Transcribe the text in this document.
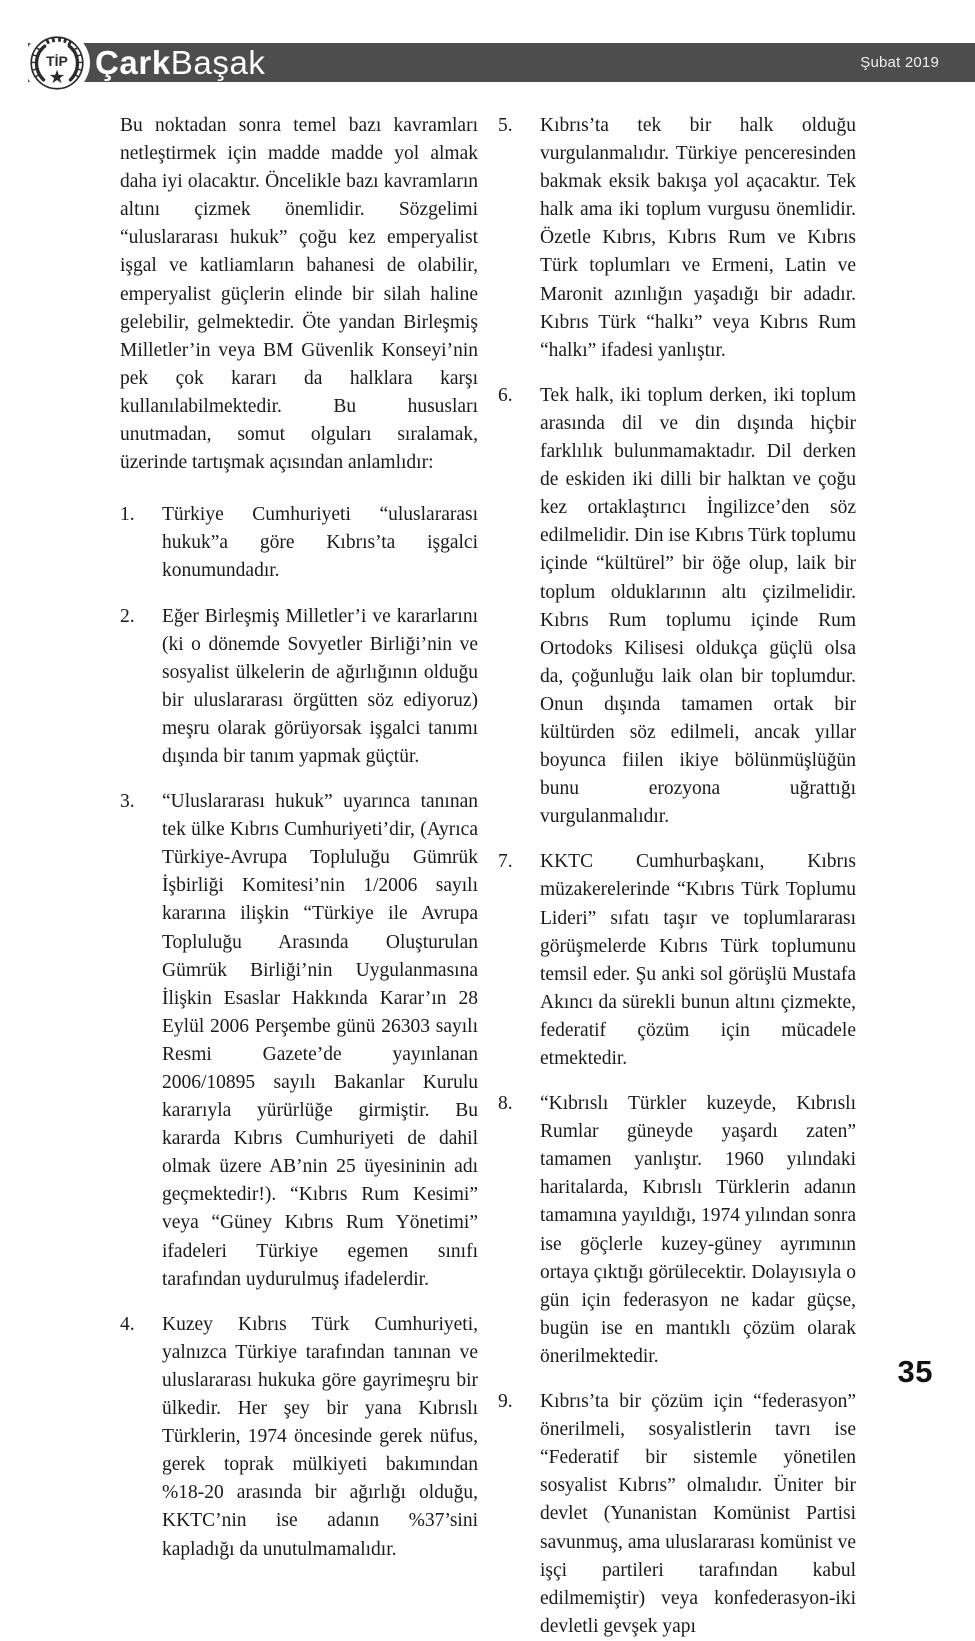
TİP ÇarkBaşak	Şubat 2019

Bu noktadan sonra temel bazı kavramları netleştirmek için madde madde yol almak daha iyi olacaktır. Öncelikle bazı kavramların altını çizmek önemlidir. Sözgelimi “uluslararası hukuk” çoğu kez emperyalist işgal ve katliamların bahanesi de olabilir, emperyalist güçlerin elinde bir silah haline gelebilir, gelmektedir. Öte yandan Birleşmiş Milletler’in veya BM Güvenlik Konseyi’nin pek çok kararı da halklara karşı kullanılabilmektedir. Bu hususları unutmadan, somut olguları sıralamak, üzerinde tartışmak açısından anlamlıdır:

1.	Türkiye Cumhuriyeti “uluslararası hukuk”a göre Kıbrıs’ta işgalci konumundadır.
2.	Eğer Birleşmiş Milletler’i ve kararlarını (ki o dönemde Sovyetler Birliği’nin ve sosyalist ülkelerin de ağırlığının olduğu bir uluslararası örgütten söz ediyoruz) meşru olarak görüyorsak işgalci tanımı dışında bir tanım yapmak güçtür.
3.	“Uluslararası hukuk” uyarınca tanınan tek ülke Kıbrıs Cumhuriyeti’dir, (Ayrıca Türkiye-Avrupa Topluluğu Gümrük İşbirliği Komitesi’nin 1/2006 sayılı kararına ilişkin “Türkiye ile Avrupa Topluluğu Arasında Oluşturulan Gümrük Birliği’nin Uygulanmasına İlişkin Esaslar Hakkında Karar’ın 28 Eylül 2006 Perşembe günü 26303 sayılı Resmi Gazete’de yayınlanan 2006/10895 sayılı Bakanlar Kurulu kararıyla yürürlüğe girmiştir. Bu kararda Kıbrıs Cumhuriyeti de dahil olmak üzere AB’nin 25 üyesininin adı geçmektedir!). “Kıbrıs Rum Kesimi” veya “Güney Kıbrıs Rum Yönetimi” ifadeleri Türkiye egemen sınıfı tarafından uydurulmuş ifadelerdir.
4.	Kuzey Kıbrıs Türk Cumhuriyeti, yalnızca Türkiye tarafından tanınan ve uluslararası hukuka göre gayrimeşru bir ülkedir. Her şey bir yana Kıbrıslı Türklerin, 1974 öncesinde gerek nüfus, gerek toprak mülkiyeti bakımından %18-20 arasında bir ağırlığı olduğu, KKTC’nin ise adanın %37’sini kapladığı da unutulmamalıdır.
5.	Kıbrıs’ta tek bir halk olduğu vurgulanmalıdır. Türkiye penceresinden bakmak eksik bakışa yol açacaktır. Tek halk ama iki toplum vurgusu önemlidir. Özetle Kıbrıs, Kıbrıs Rum ve Kıbrıs Türk toplumları ve Ermeni, Latin ve Maronit azınlığın yaşadığı bir adadır. Kıbrıs Türk “halkı” veya Kıbrıs Rum “halkı” ifadesi yanlıştır.
6.	Tek halk, iki toplum derken, iki toplum arasında dil ve din dışında hiçbir farklılık bulunmamaktadır. Dil derken de eskiden iki dilli bir halktan ve çoğu kez ortaklaştırıcı İngilizce’den söz edilmelidir. Din ise Kıbrıs Türk toplumu içinde “kültürel” bir öğe olup, laik bir toplum olduklarının altı çizilmelidir. Kıbrıs Rum toplumu içinde Rum Ortodoks Kilisesi oldukça güçlü olsa da, çoğunluğu laik olan bir toplumdur. Onun dışında tamamen ortak bir kültürden söz edilmeli, ancak yıllar boyunca fiilen ikiye bölünmüşlüğün bunu erozyona uğrattığı vurgulanmalıdır.
7.	KKTC Cumhurbaşkanı, Kıbrıs müzakerelerinde “Kıbrıs Türk Toplumu Lideri” sıfatı taşır ve toplumlararası görüşmelerde Kıbrıs Türk toplumunu temsil eder. Şu anki sol görüşlü Mustafa Akıncı da sürekli bunun altını çizmekte, federatif çözüm için mücadele etmektedir.
8.	“Kıbrıslı Türkler kuzeyde, Kıbrıslı Rumlar güneyde yaşardı zaten” tamamen yanlıştır. 1960 yılındaki haritalarda, Kıbrıslı Türklerin adanın tamamına yayıldığı, 1974 yılından sonra ise göçlerle kuzey-güney ayrımının ortaya çıktığı görülecektir. Dolayısıyla o gün için federasyon ne kadar güçse, bugün ise en mantıklı çözüm olarak önerilmektedir.
9.	Kıbrıs’ta bir çözüm için “federasyon” önerilmeli, sosyalistlerin tavrı ise “Federatif bir sistemle yönetilen sosyalist Kıbrıs” olmalıdır. Üniter bir devlet (Yunanistan Komünist Partisi savunmuş, ama uluslararası komünist ve işçi partileri tarafından kabul edilmemiştir) veya konfederasyon-iki devletli gevşek yapı
35
